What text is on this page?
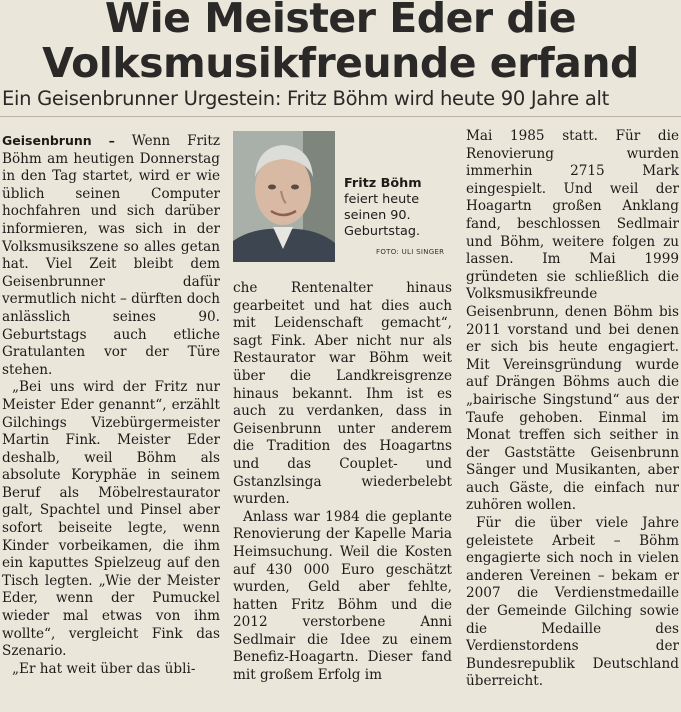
Wie Meister Eder die
Volksmusikfreunde erfand
Ein Geisenbrunner Urgestein: Fritz Böhm wird heute 90 Jahre alt

Geisenbrunn – Wenn Fritz Böhm am heutigen Donnerstag in den Tag startet, wird er wie üblich seinen Computer hochfahren und sich darüber informieren, was sich in der Volksmusikszene so alles getan hat. Viel Zeit bleibt dem Geisenbrunner dafür vermutlich nicht – dürften doch anlässlich seines 90. Geburtstags auch etliche Gratulanten vor der Türe stehen.

„Bei uns wird der Fritz nur Meister Eder genannt“, erzählt Gilchings Vizebürgermeister Martin Fink. Meister Eder deshalb, weil Böhm als absolute Koryphäe in seinem Beruf als Möbelrestaurator galt, Spachtel und Pinsel aber sofort beiseite legte, wenn Kinder vorbeikamen, die ihm ein kaputtes Spielzeug auf den Tisch legten. „Wie der Meister Eder, wenn der Pumuckel wieder mal etwas von ihm wollte“, vergleicht Fink das Szenario.

„Er hat weit über das übli-

Fritz Böhm
feiert heute seinen 90. Geburtstag.
FOTO: ULI SINGER

che Rentenalter hinaus gearbeitet und hat dies auch mit Leidenschaft gemacht“, sagt Fink. Aber nicht nur als Restaurator war Böhm weit über die Landkreisgrenze hinaus bekannt. Ihm ist es auch zu verdanken, dass in Geisenbrunn unter anderem die Tradition des Hoagartns und das Couplet- und Gstanzlsinga wiederbelebt wurden.

Anlass war 1984 die geplante Renovierung der Kapelle Maria Heimsuchung. Weil die Kosten auf 430 000 Euro geschätzt wurden, Geld aber fehlte, hatten Fritz Böhm und die 2012 verstorbene Anni Sedlmair die Idee zu einem Benefiz-Hoagartn. Dieser fand mit großem Erfolg im

Mai 1985 statt. Für die Renovierung wurden immerhin 2715 Mark eingespielt. Und weil der Hoagartn großen Anklang fand, beschlossen Sedlmair und Böhm, weitere folgen zu lassen. Im Mai 1999 gründeten sie schließlich die Volksmusikfreunde Geisenbrunn, denen Böhm bis 2011 vorstand und bei denen er sich bis heute engagiert. Mit Vereinsgründung wurde auf Drängen Böhms auch die „bairische Singstund“ aus der Taufe gehoben. Einmal im Monat treffen sich seither in der Gaststätte Geisenbrunn Sänger und Musikanten, aber auch Gäste, die einfach nur zuhören wollen.

Für die über viele Jahre geleistete Arbeit – Böhm engagierte sich noch in vielen anderen Vereinen – bekam er 2007 die Verdienstmedaille der Gemeinde Gilching sowie die Medaille des Verdienstordens der Bundesrepublik Deutschland überreicht.
